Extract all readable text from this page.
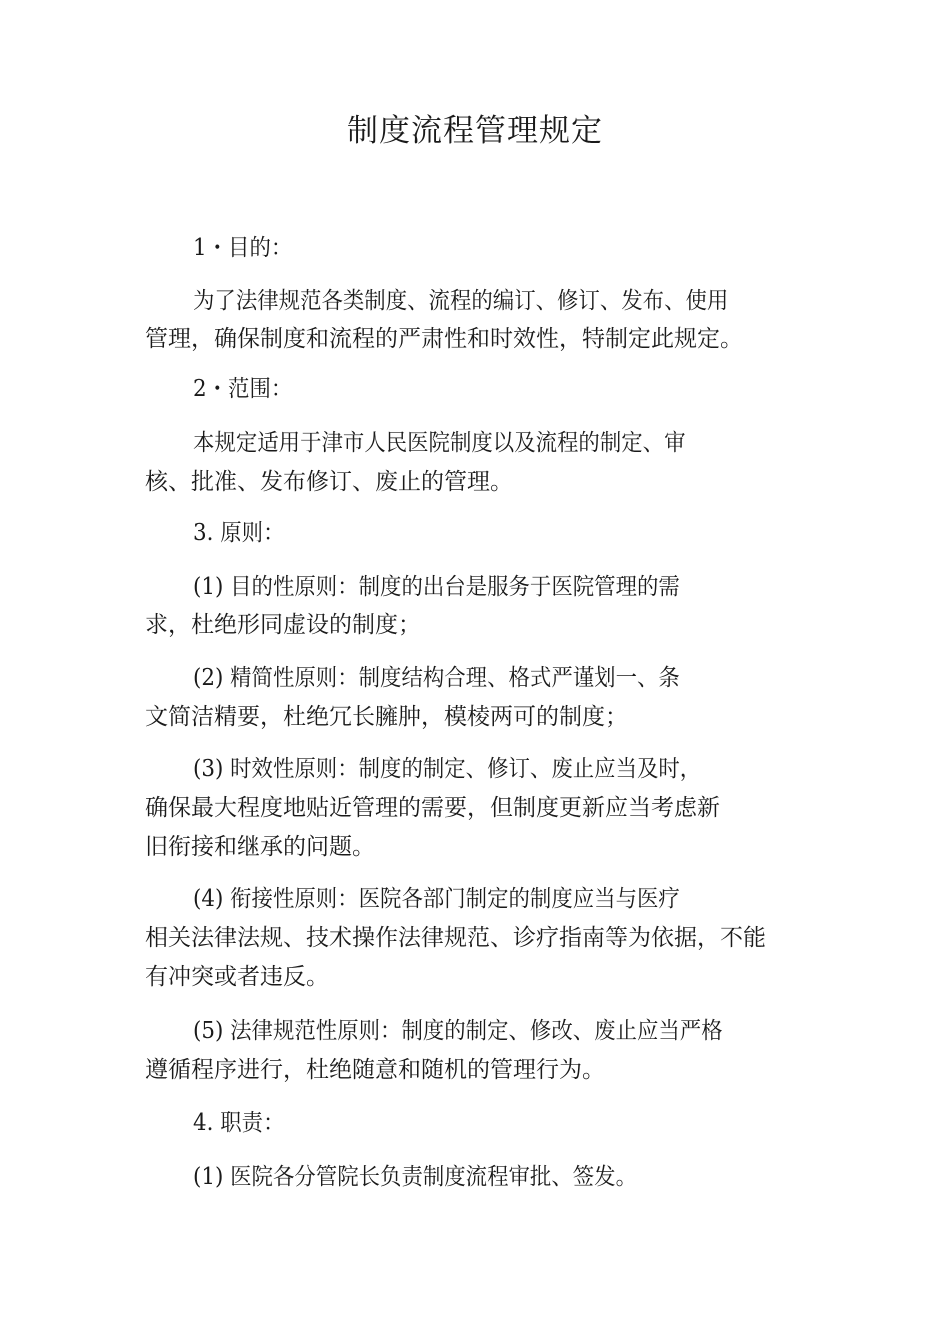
制度流程管理规定
1・目的：
为了法律规范各类制度、流程的编订、修订、发布、使用
管理，确保制度和流程的严肃性和时效性，特制定此规定。
2・范围：
本规定适用于津市人民医院制度以及流程的制定、审
核、批准、发布修订、废止的管理。
3. 原则：
(1) 目的性原则：制度的出台是服务于医院管理的需
求，杜绝形同虚设的制度；
(2) 精简性原则：制度结构合理、格式严谨划一、条
文简洁精要，杜绝冗长臃肿，模棱两可的制度；
(3) 时效性原则：制度的制定、修订、废止应当及时，
确保最大程度地贴近管理的需要，但制度更新应当考虑新
旧衔接和继承的问题。
(4) 衔接性原则：医院各部门制定的制度应当与医疗
相关法律法规、技术操作法律规范、诊疗指南等为依据，不能
有冲突或者违反。
(5) 法律规范性原则：制度的制定、修改、废止应当严格
遵循程序进行，杜绝随意和随机的管理行为。
4. 职责：
(1) 医院各分管院长负责制度流程审批、签发。
